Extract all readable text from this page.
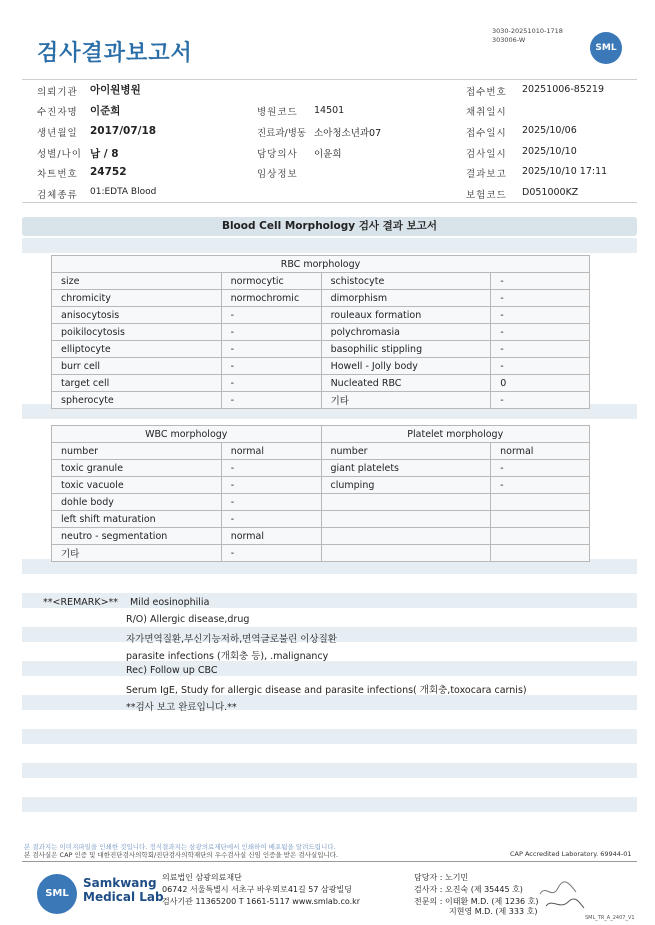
검사결과보고서
3030-20251010-1718
303006-W
SML
의뢰기관 아이원병원	접수번호 20251006-85219
수진자명 이준희	병원코드 14501	채취일시
생년월일 2017/07/18	진료과/병동 소아청소년과07	접수일시 2025/10/06
성별/나이 남 / 8	담당의사 이윤희	검사일시 2025/10/10
차트번호 24752	임상정보	결과보고 2025/10/10 17:11
검체종류 01:EDTA Blood	보험코드 D051000KZ
Blood Cell Morphology 검사 결과 보고서
RBC morphology			
size	normocytic	schistocyte	-
chromicity	normochromic	dimorphism	-
anisocytosis	-	rouleaux formation	-
poikilocytosis	-	polychromasia	-
elliptocyte	-	basophilic stippling	-
burr cell	-	Howell - Jolly body	-
target cell	-	Nucleated RBC	0
spherocyte	-	기타	-
WBC morphology		Platelet morphology	
number	normal	number	normal
toxic granule	-	giant platelets	-
toxic vacuole	-	clumping	-
dohle body	-		
left shift maturation	-		
neutro - segmentation	normal		
기타	-		
**<REMARK>** Mild eosinophilia
R/O) Allergic disease,drug
자가면역질환,부신기능저하,면역글로불린 이상질환
parasite infections (개회충 등), .malignancy
Rec) Follow up CBC
Serum IgE, Study for allergic disease and parasite infections( 개회충,toxocara carnis)
**검사 보고 완료입니다.**
본 결과지는 이미지파일을 인쇄한 것입니다. 정식결과지는 삼광의료재단에서 인쇄하여 배포됨을 알려드립니다.
본 검사실은 CAP 인증 및 대한진단검사의학회/진단검사의학재단의 우수검사실 신임 인증을 받은 검사실입니다.	CAP Accredited Laboratory. 69944-01
SML
Samkwang
Medical Lab
의료법인 삼광의료재단
06742 서울특별시 서초구 바우뫼로41길 57 삼광빌딩
검사기관 11365200 T 1661-5117 www.smlab.co.kr
담당자 : 노기민
검사자 : 오진숙 (제 35445 호)
전문의 : 이태환 M.D. (제 1236 호)
지현영 M.D. (제 333 호)
SML_TR_A_2407_V1
